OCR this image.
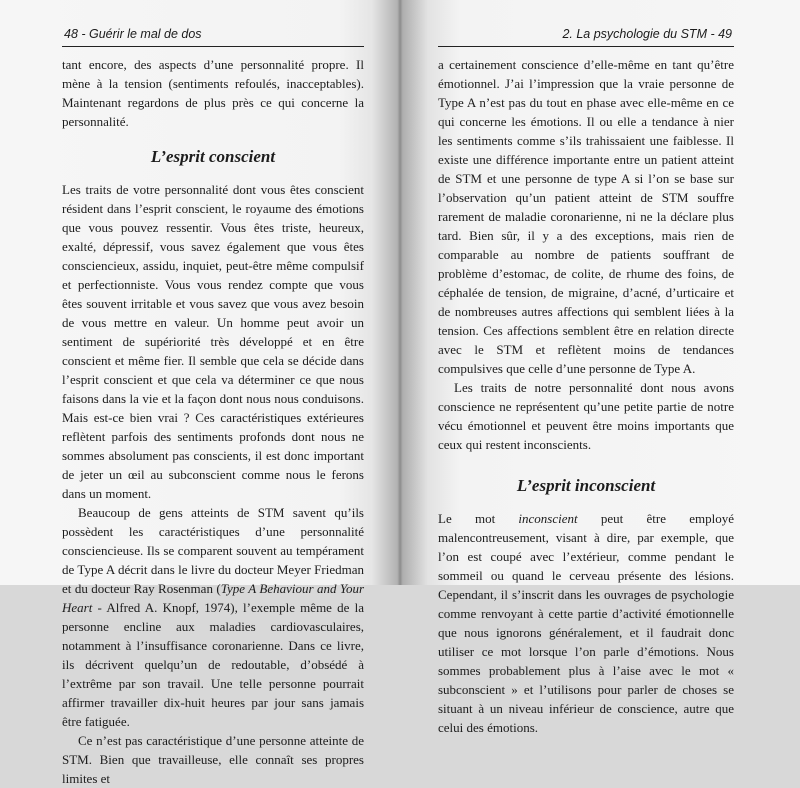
48 - Guérir le mal de dos

tant encore, des aspects d’une personnalité propre. Il mène à la tension (sentiments refoulés, inacceptables). Maintenant regardons de plus près ce qui concerne la personnalité.

L’esprit conscient

Les traits de votre personnalité dont vous êtes conscient résident dans l’esprit conscient, le royaume des émotions que vous pouvez ressentir. Vous êtes triste, heureux, exalté, dépressif, vous savez également que vous êtes consciencieux, assidu, inquiet, peut-être même compulsif et perfectionniste. Vous vous rendez compte que vous êtes souvent irritable et vous savez que vous avez besoin de vous mettre en valeur. Un homme peut avoir un sentiment de supériorité très développé et en être conscient et même fier. Il semble que cela se décide dans l’esprit conscient et que cela va déterminer ce que nous faisons dans la vie et la façon dont nous nous conduisons. Mais est-ce bien vrai ? Ces caractéristiques extérieures reflètent parfois des sentiments profonds dont nous ne sommes absolument pas conscients, il est donc important de jeter un œil au subconscient comme nous le ferons dans un moment.

Beaucoup de gens atteints de STM savent qu’ils possèdent les caractéristiques d’une personnalité consciencieuse. Ils se comparent souvent au tempérament de Type A décrit dans le livre du docteur Meyer Friedman et du docteur Ray Rosenman (Type A Behaviour and Your Heart - Alfred A. Knopf, 1974), l’exemple même de la personne encline aux maladies cardiovasculaires, notamment à l’insuffisance coronarienne. Dans ce livre, ils décrivent quelqu’un de redoutable, d’obsédé à l’extrême par son travail. Une telle personne pourrait affirmer travailler dix-huit heures par jour sans jamais être fatiguée.

Ce n’est pas caractéristique d’une personne atteinte de STM. Bien que travailleuse, elle connaît ses propres limites et

2. La psychologie du STM - 49

a certainement conscience d’elle-même en tant qu’être émotionnel. J’ai l’impression que la vraie personne de Type A n’est pas du tout en phase avec elle-même en ce qui concerne les émotions. Il ou elle a tendance à nier les sentiments comme s’ils trahissaient une faiblesse. Il existe une différence importante entre un patient atteint de STM et une personne de type A si l’on se base sur l’observation qu’un patient atteint de STM souffre rarement de maladie coronarienne, ni ne la déclare plus tard. Bien sûr, il y a des exceptions, mais rien de comparable au nombre de patients souffrant de problème d’estomac, de colite, de rhume des foins, de céphalée de tension, de migraine, d’acné, d’urticaire et de nombreuses autres affections qui semblent liées à la tension. Ces affections semblent être en relation directe avec le STM et reflètent moins de tendances compulsives que celle d’une personne de Type A.

Les traits de notre personnalité dont nous avons conscience ne représentent qu’une petite partie de notre vécu émotionnel et peuvent être moins importants que ceux qui restent inconscients.

L’esprit inconscient

Le mot inconscient peut être employé malencontreusement, visant à dire, par exemple, que l’on est coupé avec l’extérieur, comme pendant le sommeil ou quand le cerveau présente des lésions. Cependant, il s’inscrit dans les ouvrages de psychologie comme renvoyant à cette partie d’activité émotionnelle que nous ignorons généralement, et il faudrait donc utiliser ce mot lorsque l’on parle d’émotions. Nous sommes probablement plus à l’aise avec le mot « subconscient » et l’utilisons pour parler de choses se situant à un niveau inférieur de conscience, autre que celui des émotions.
